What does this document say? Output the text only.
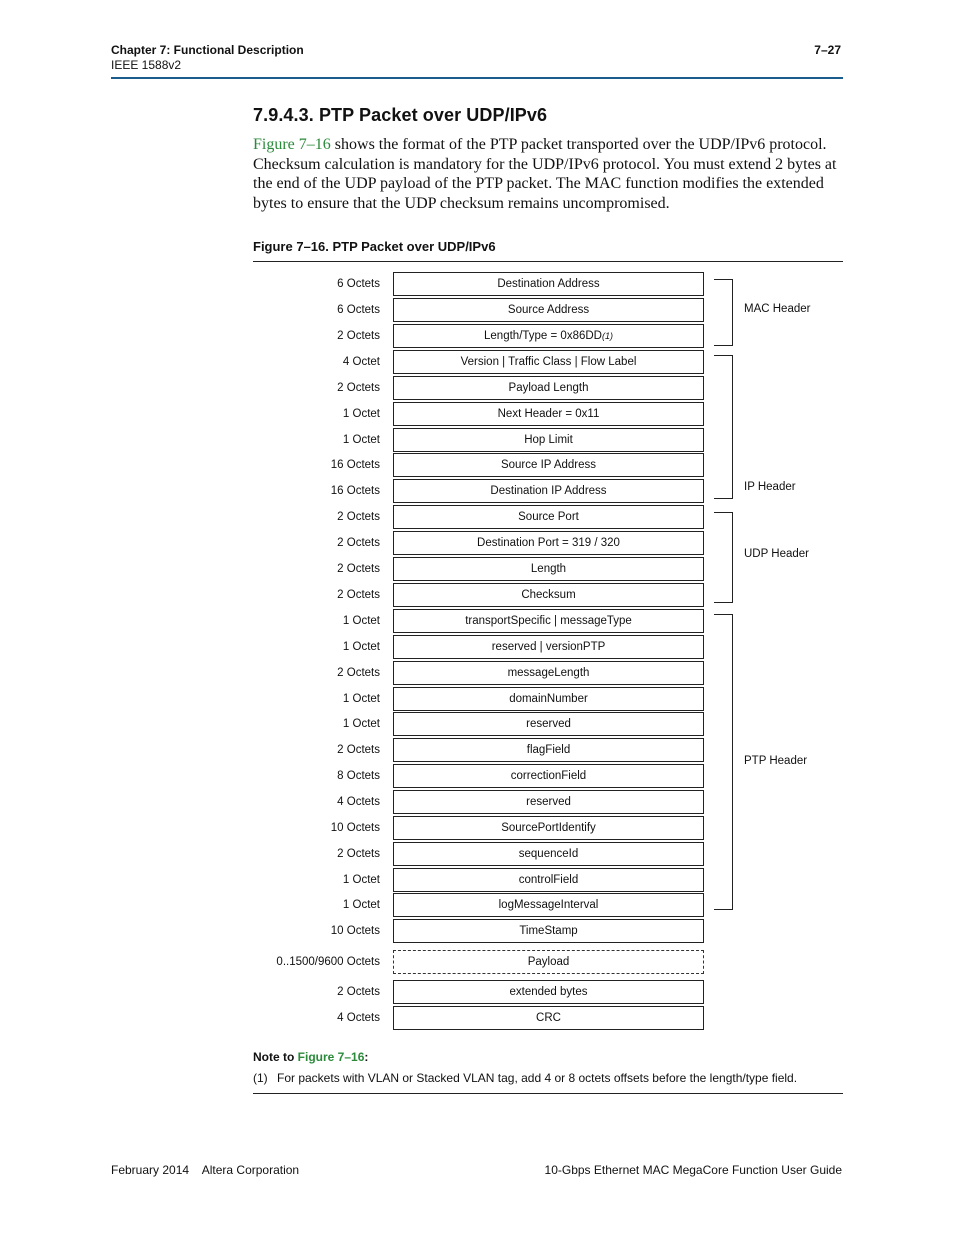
Chapter 7: Functional Description
IEEE 1588v2
7–27
7.9.4.3. PTP Packet over UDP/IPv6
Figure 7–16 shows the format of the PTP packet transported over the UDP/IPv6 protocol. Checksum calculation is mandatory for the UDP/IPv6 protocol. You must extend 2 bytes at the end of the UDP payload of the PTP packet. The MAC function modifies the extended bytes to ensure that the UDP checksum remains uncompromised.
Figure 7–16. PTP Packet over UDP/IPv6
MAC Header
IP Header
UDP Header
PTP Header
6 Octets	Destination Address
6 Octets	Source Address
2 Octets	Length/Type = 0x86DD (1)
4 Octet	Version | Traffic Class | Flow Label
2 Octets	Payload Length
1 Octet	Next Header = 0x11
1 Octet	Hop Limit
16 Octets	Source IP Address
16 Octets	Destination IP Address
2 Octets	Source Port
2 Octets	Destination Port = 319 / 320
2 Octets	Length
2 Octets	Checksum
1 Octet	transportSpecific | messageType
1 Octet	reserved | versionPTP
2 Octets	messageLength
1 Octet	domainNumber
1 Octet	reserved
2 Octets	flagField
8 Octets	correctionField
4 Octets	reserved
10 Octets	SourcePortIdentify
2 Octets	sequenceId
1 Octet	controlField
1 Octet	logMessageInterval
10 Octets	TimeStamp
0..1500/9600 Octets	Payload
2 Octets	extended bytes
4 Octets	CRC
Note to Figure 7–16:
(1) For packets with VLAN or Stacked VLAN tag, add 4 or 8 octets offsets before the length/type field.
February 2014    Altera Corporation	10-Gbps Ethernet MAC MegaCore Function User Guide
